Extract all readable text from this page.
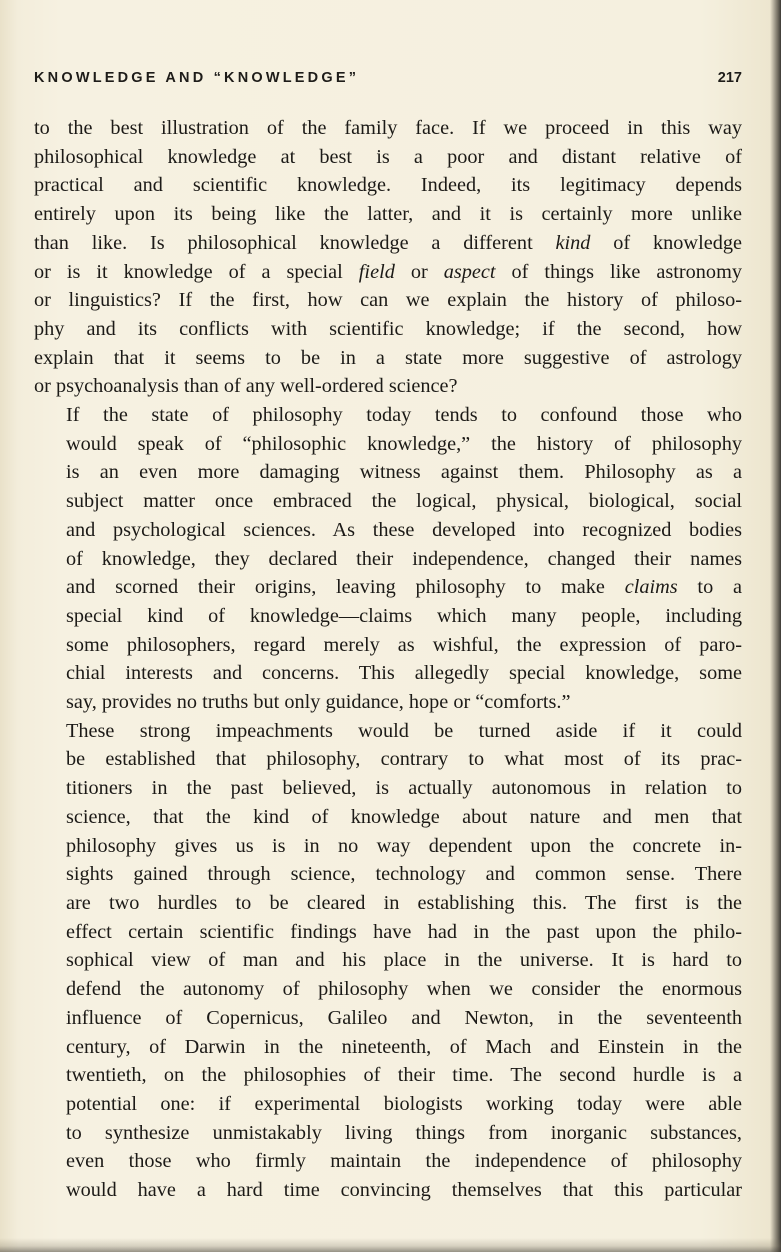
KNOWLEDGE AND “KNOWLEDGE”	217

to the best illustration of the family face. If we proceed in this way
philosophical knowledge at best is a poor and distant relative of
practical and scientific knowledge. Indeed, its legitimacy depends
entirely upon its being like the latter, and it is certainly more unlike
than like. Is philosophical knowledge a different kind of knowledge
or is it knowledge of a special field or aspect of things like astronomy
or linguistics? If the first, how can we explain the history of philoso-
phy and its conflicts with scientific knowledge; if the second, how
explain that it seems to be in a state more suggestive of astrology
or psychoanalysis than of any well-ordered science?

If the state of philosophy today tends to confound those who
would speak of “philosophic knowledge,” the history of philosophy
is an even more damaging witness against them. Philosophy as a
subject matter once embraced the logical, physical, biological, social
and psychological sciences. As these developed into recognized bodies
of knowledge, they declared their independence, changed their names
and scorned their origins, leaving philosophy to make claims to a
special kind of knowledge—claims which many people, including
some philosophers, regard merely as wishful, the expression of paro-
chial interests and concerns. This allegedly special knowledge, some
say, provides no truths but only guidance, hope or “comforts.”

These strong impeachments would be turned aside if it could
be established that philosophy, contrary to what most of its prac-
titioners in the past believed, is actually autonomous in relation to
science, that the kind of knowledge about nature and men that
philosophy gives us is in no way dependent upon the concrete in-
sights gained through science, technology and common sense. There
are two hurdles to be cleared in establishing this. The first is the
effect certain scientific findings have had in the past upon the philo-
sophical view of man and his place in the universe. It is hard to
defend the autonomy of philosophy when we consider the enormous
influence of Copernicus, Galileo and Newton, in the seventeenth
century, of Darwin in the nineteenth, of Mach and Einstein in the
twentieth, on the philosophies of their time. The second hurdle is a
potential one: if experimental biologists working today were able
to synthesize unmistakably living things from inorganic substances,
even those who firmly maintain the independence of philosophy
would have a hard time convincing themselves that this particular
